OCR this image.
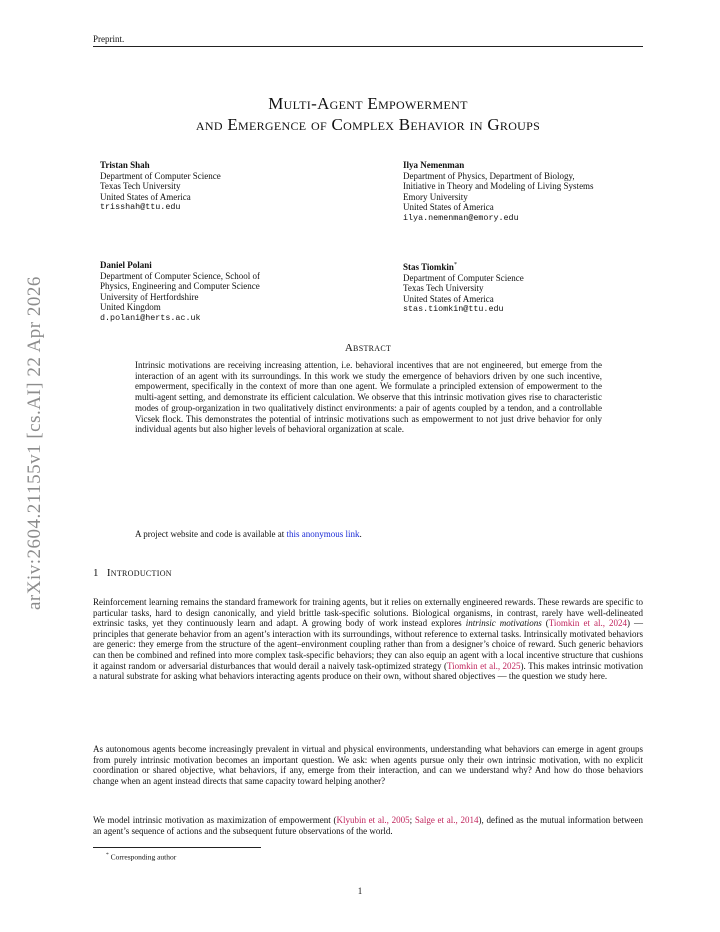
Preprint.
arXiv:2604.21155v1 [cs.AI] 22 Apr 2026
Multi-Agent Empowerment
and Emergence of Complex Behavior in Groups
Tristan Shah
Department of Computer Science
Texas Tech University
United States of America
trisshah@ttu.edu
Ilya Nemenman
Department of Physics, Department of Biology,
Initiative in Theory and Modeling of Living Systems
Emory University
United States of America
ilya.nemenman@emory.edu
Daniel Polani
Department of Computer Science, School of
Physics, Engineering and Computer Science
University of Hertfordshire
United Kingdom
d.polani@herts.ac.uk
Stas Tiomkin*
Department of Computer Science
Texas Tech University
United States of America
stas.tiomkin@ttu.edu
Abstract
Intrinsic motivations are receiving increasing attention, i.e. behavioral incentives that are not engineered, but emerge from the interaction of an agent with its surroundings. In this work we study the emergence of behaviors driven by one such incentive, empowerment, specifically in the context of more than one agent. We formulate a principled extension of empowerment to the multi-agent setting, and demonstrate its efficient calculation. We observe that this intrinsic motivation gives rise to characteristic modes of group-organization in two qualitatively distinct environments: a pair of agents coupled by a tendon, and a controllable Vicsek flock. This demonstrates the potential of intrinsic motivations such as empowerment to not just drive behavior for only individual agents but also higher levels of behavioral organization at scale.
A project website and code is available at this anonymous link.
1 Introduction
Reinforcement learning remains the standard framework for training agents, but it relies on externally engineered rewards. These rewards are specific to particular tasks, hard to design canonically, and yield brittle task-specific solutions. Biological organisms, in contrast, rarely have well-delineated extrinsic tasks, yet they continuously learn and adapt. A growing body of work instead explores intrinsic motivations (Tiomkin et al., 2024) — principles that generate behavior from an agent’s interaction with its surroundings, without reference to external tasks. Intrinsically motivated behaviors are generic: they emerge from the structure of the agent–environment coupling rather than from a designer’s choice of reward. Such generic behaviors can then be combined and refined into more complex task-specific behaviors; they can also equip an agent with a local incentive structure that cushions it against random or adversarial disturbances that would derail a naively task-optimized strategy (Tiomkin et al., 2025). This makes intrinsic motivation a natural substrate for asking what behaviors interacting agents produce on their own, without shared objectives — the question we study here.
As autonomous agents become increasingly prevalent in virtual and physical environments, understanding what behaviors can emerge in agent groups from purely intrinsic motivation becomes an important question. We ask: when agents pursue only their own intrinsic motivation, with no explicit coordination or shared objective, what behaviors, if any, emerge from their interaction, and can we understand why? And how do those behaviors change when an agent instead directs that same capacity toward helping another?
We model intrinsic motivation as maximization of empowerment (Klyubin et al., 2005; Salge et al., 2014), defined as the mutual information between an agent’s sequence of actions and the subsequent future observations of the world.
* Corresponding author
1
